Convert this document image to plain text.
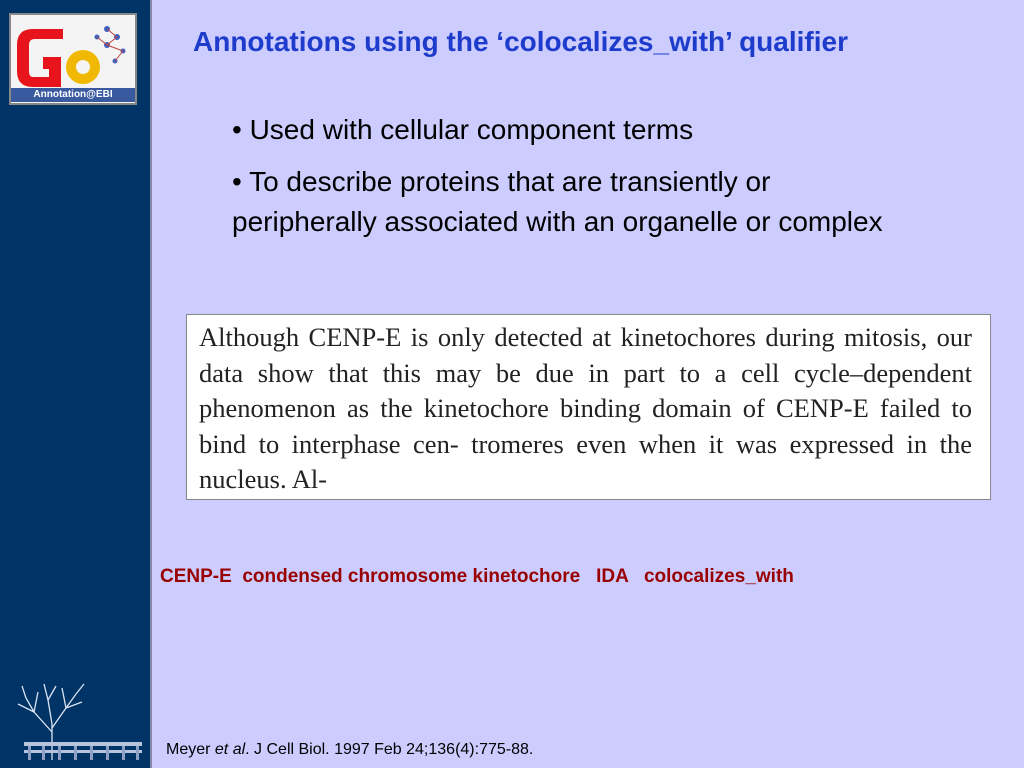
Annotation@EBI
Annotations using the ‘colocalizes_with’ qualifier

• Used with cellular component terms

• To describe proteins that are transiently or peripherally associated with an organelle or complex

Although CENP-E is only detected at kinetochores during mitosis, our data show that this may be due in part to a cell cycle–dependent phenomenon as the kinetochore binding domain of CENP-E failed to bind to interphase cen- tromeres even when it was expressed in the nucleus. Al-
CENP-E condensed chromosome kinetochore IDA colocalizes_with
Meyer et al. J Cell Biol. 1997 Feb 24;136(4):775-88.
